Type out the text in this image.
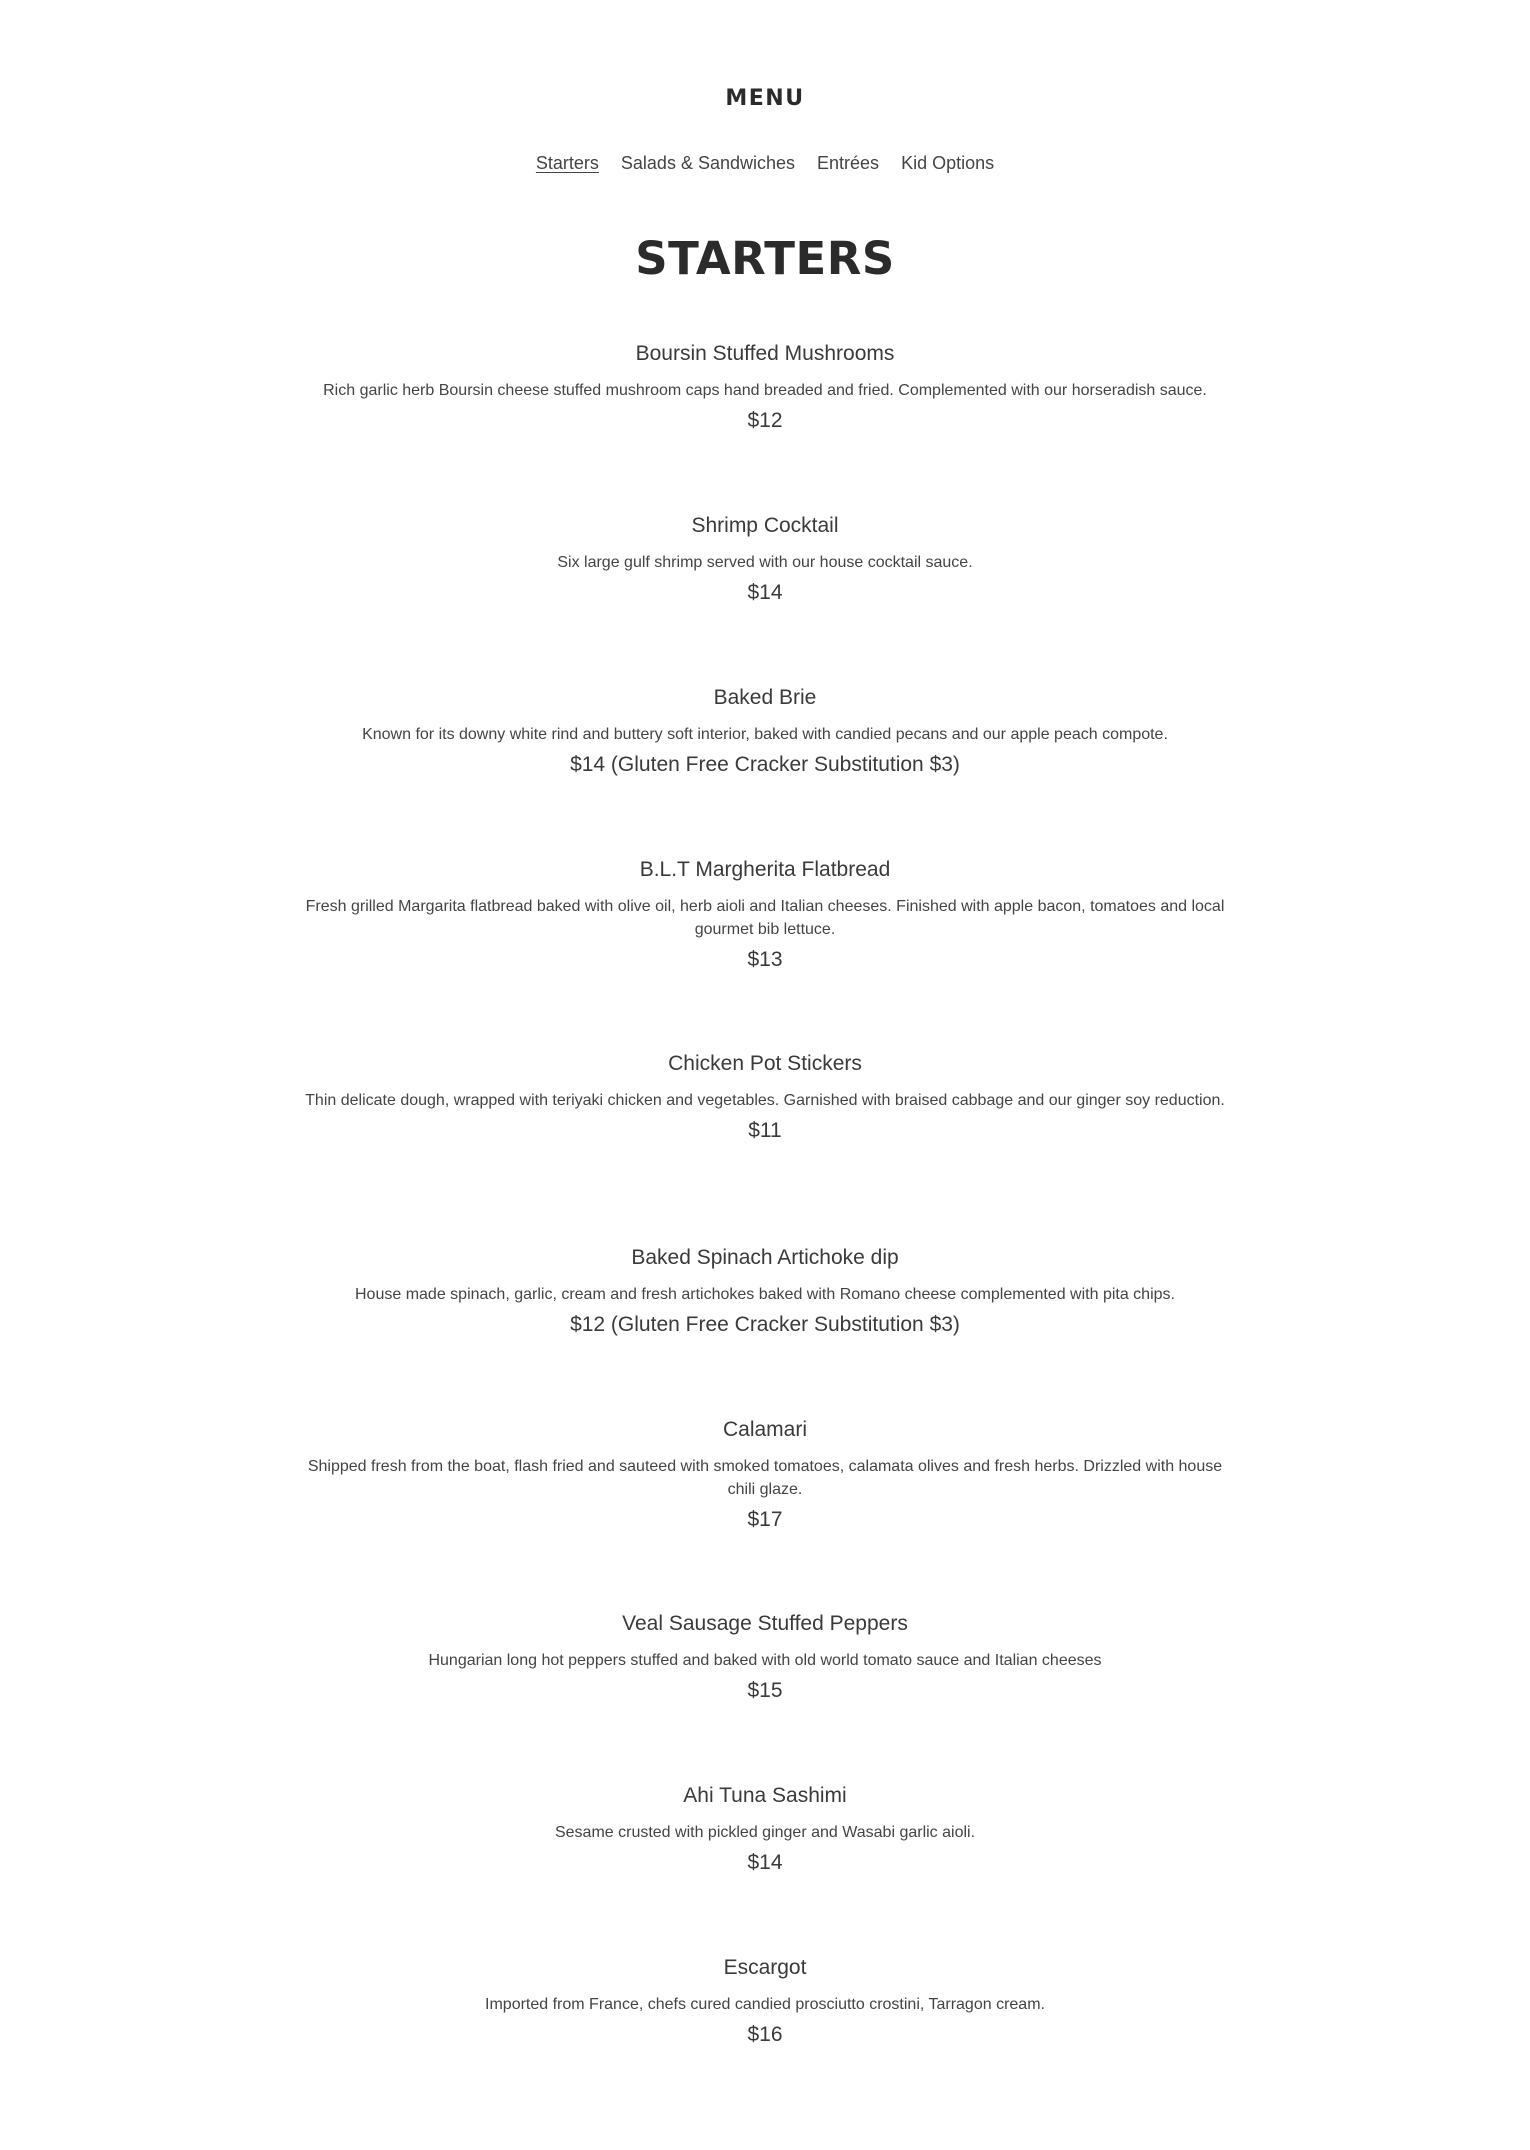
MENU
Starters Salads & Sandwiches Entrées Kid Options
STARTERS

Boursin Stuffed Mushrooms

Rich garlic herb Boursin cheese stuffed mushroom caps hand breaded and fried. Complemented with our horseradish sauce.

$12

Shrimp Cocktail

Six large gulf shrimp served with our house cocktail sauce.

$14

Baked Brie

Known for its downy white rind and buttery soft interior, baked with candied pecans and our apple peach compote.

$14 (Gluten Free Cracker Substitution $3)

B.L.T Margherita Flatbread

Fresh grilled Margarita flatbread baked with olive oil, herb aioli and Italian cheeses. Finished with apple bacon, tomatoes and local gourmet bib lettuce.

$13

Chicken Pot Stickers

Thin delicate dough, wrapped with teriyaki chicken and vegetables. Garnished with braised cabbage and our ginger soy reduction.

$11

Baked Spinach Artichoke dip

House made spinach, garlic, cream and fresh artichokes baked with Romano cheese complemented with pita chips.

$12 (Gluten Free Cracker Substitution $3)

Calamari

Shipped fresh from the boat, flash fried and sauteed with smoked tomatoes, calamata olives and fresh herbs. Drizzled with house chili glaze.

$17

Veal Sausage Stuffed Peppers

Hungarian long hot peppers stuffed and baked with old world tomato sauce and Italian cheeses

$15

Ahi Tuna Sashimi

Sesame crusted with pickled ginger and Wasabi garlic aioli.

$14

Escargot

Imported from France, chefs cured candied prosciutto crostini, Tarragon cream.

$16
